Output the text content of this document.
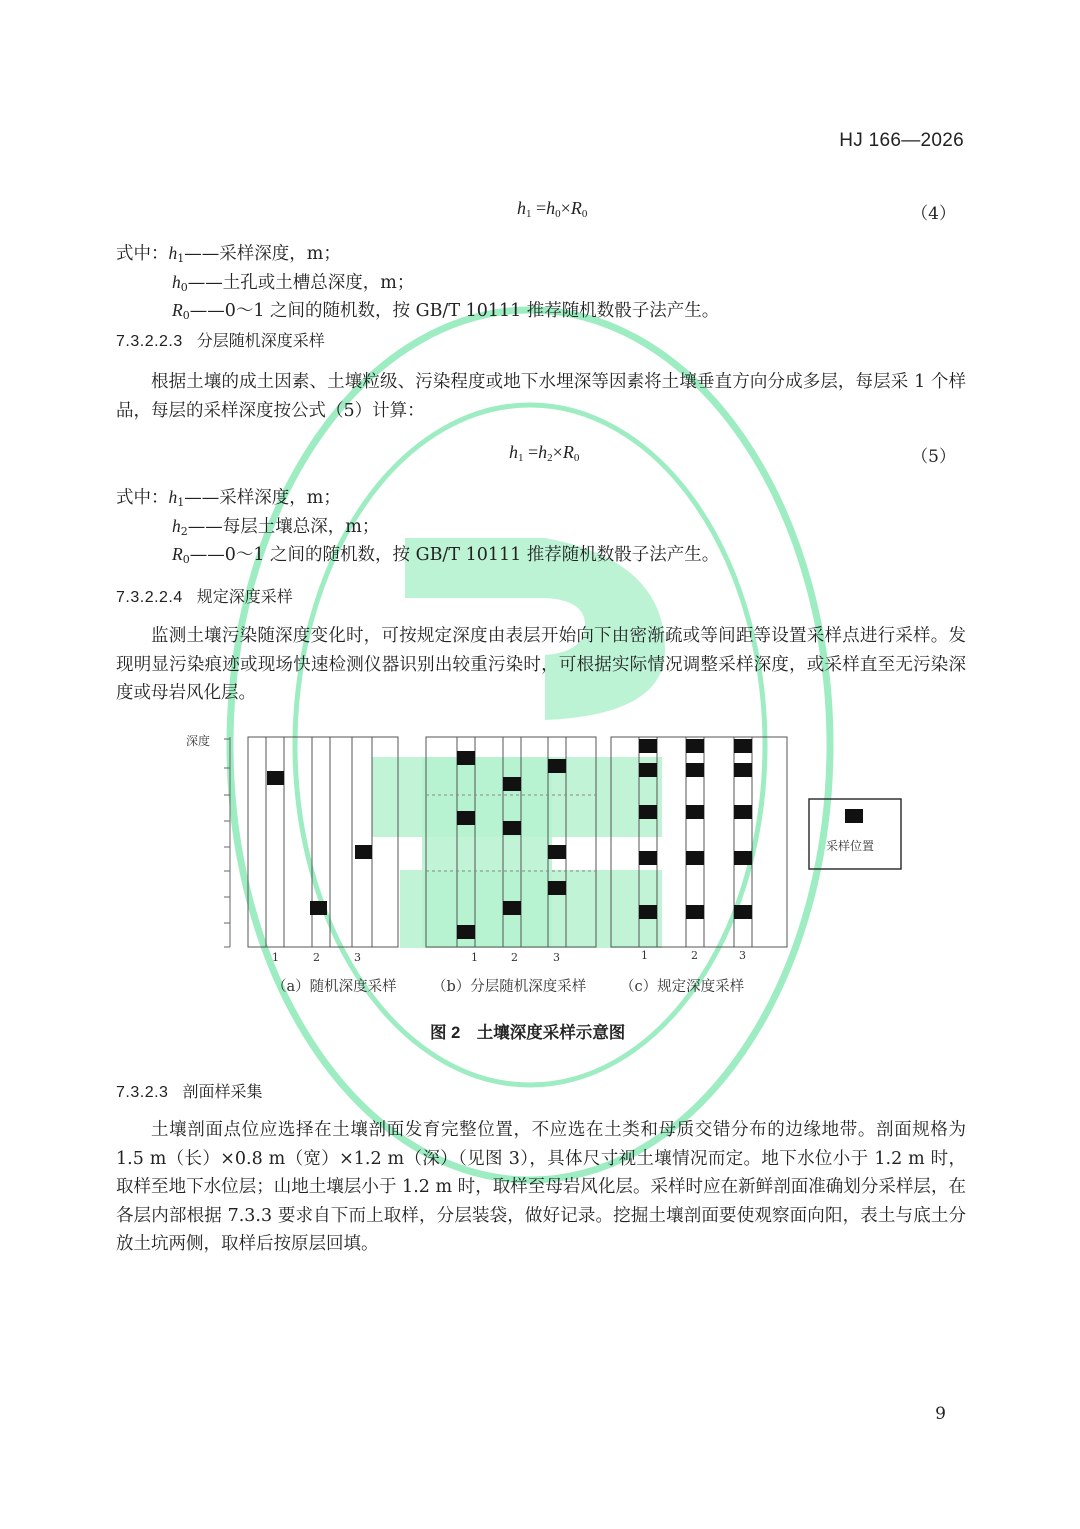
HJ 166—2026
$h_1 =h_0\times R_0$	（4）
式中：$h_1——$采样深度，m；
$h_0——$土孔或土槽总深度，m；
$R_0——0\sim 1$ 之间的随机数，按 GB/T 10111 推荐随机数骰子法产生。
7.3.2.2.3 分层随机深度采样
根据土壤的成土因素、土壤粒级、污染程度或地下水埋深等因素将土壤垂直方向分成多层，每层采 1 个样品，每层的采样深度按公式（5）计算：
$h_1 =h_2\times R_0$	（5）
式中：$h_1——$采样深度，m；
$h_2——$每层土壤总深，m；
$R_0——0\sim 1$ 之间的随机数，按 GB/T 10111 推荐随机数骰子法产生。
7.3.2.2.4 规定深度采样
监测土壤污染随深度变化时，可按规定深度由表层开始向下由密渐疏或等间距等设置采样点进行采样。发现明显污染痕迹或现场快速检测仪器识别出较重污染时，可根据实际情况调整采样深度，或采样直至无污染深度或母岩风化层。
深度
1	2	3	1	2	3	1	2	3
采样位置
（a）随机深度采样 （b）分层随机深度采样 （c）规定深度采样
图 2　土壤深度采样示意图
7.3.2.3 剖面样采集
土壤剖面点位应选择在土壤剖面发育完整位置，不应选在土类和母质交错分布的边缘地带。剖面规格为 1.5 m（长）×0.8 m（宽）×1.2 m（深）（见图 3），具体尺寸视土壤情况而定。地下水位小于 1.2 m 时，取样至地下水位层；山地土壤层小于 1.2 m 时，取样至母岩风化层。采样时应在新鲜剖面准确划分采样层，在各层内部根据 7.3.3 要求自下而上取样，分层装袋，做好记录。挖掘土壤剖面要使观察面向阳，表土与底土分放土坑两侧，取样后按原层回填。
9
